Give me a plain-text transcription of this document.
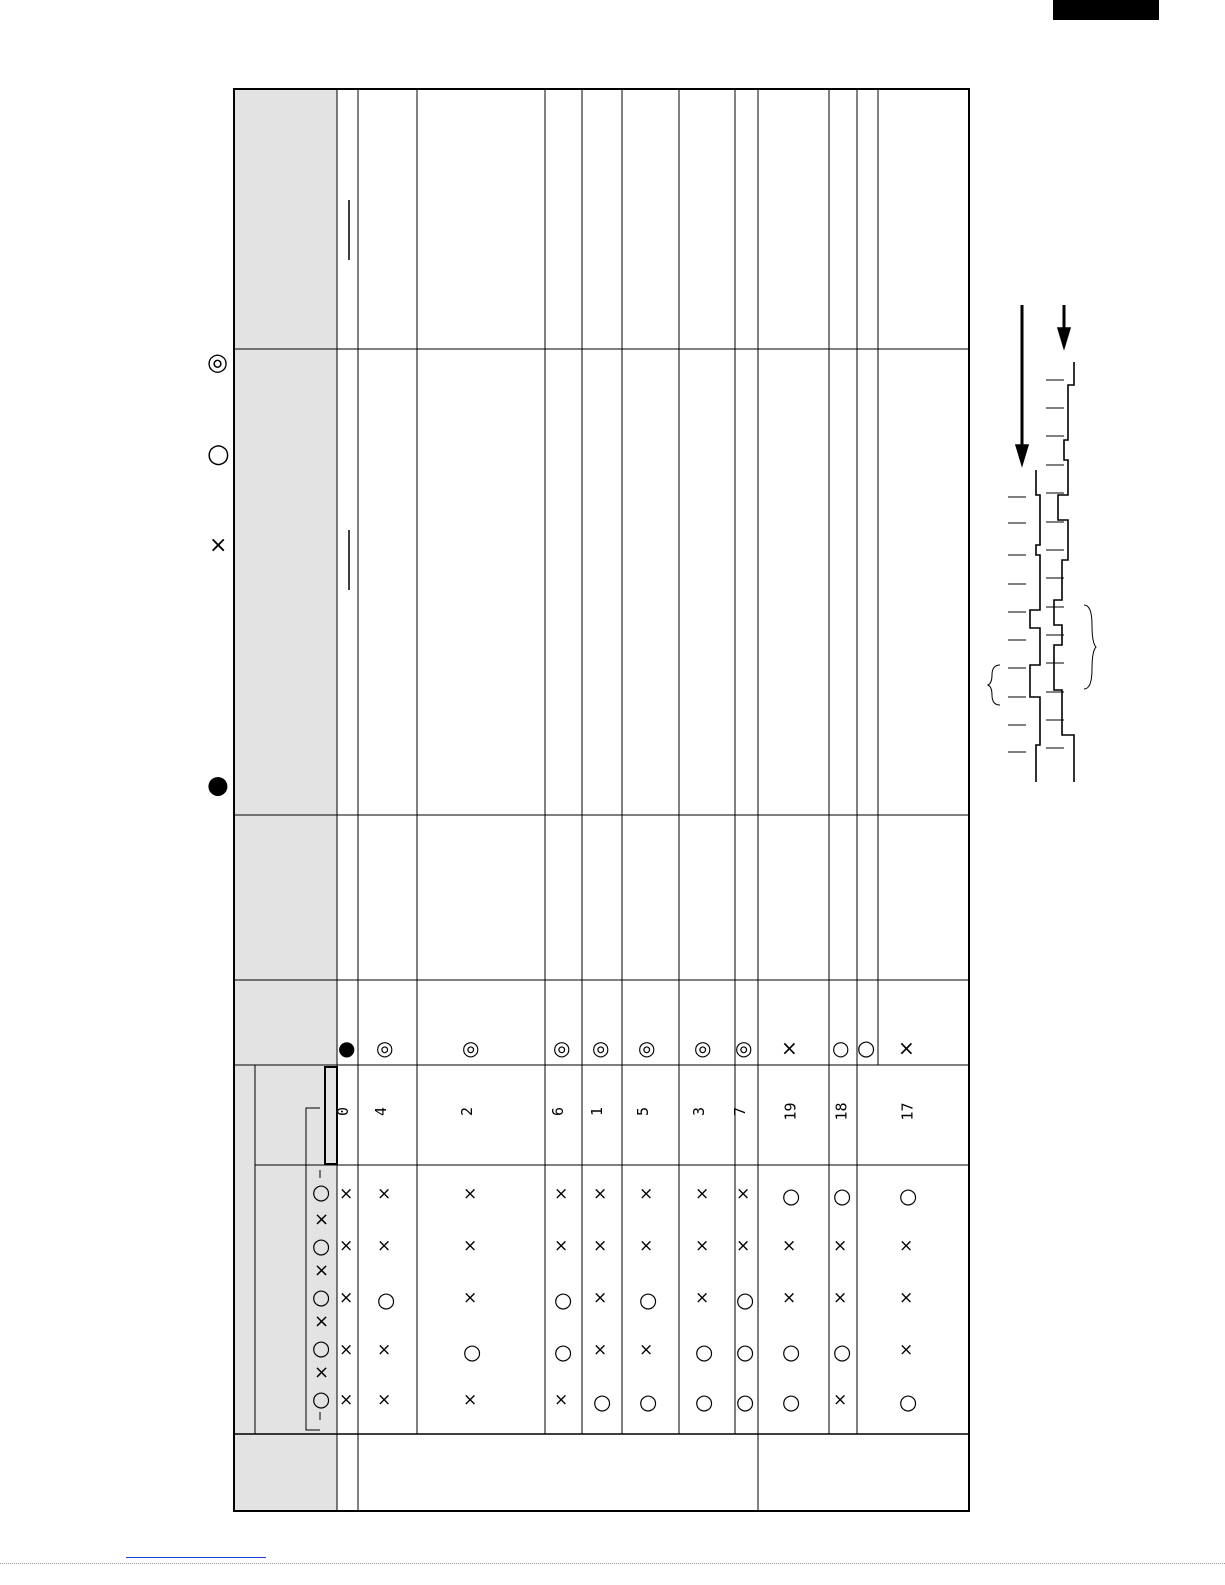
◎
○
×
●
○
×
○
×
○
×
○
×
○
●
0
×
×
×
×
×
◎
4
×
×
○
×
×
◎
2
×
○
×
×
×
◎
6
×
○
○
×
×
◎
1
○
×
×
×
×
◎
5
○
×
○
×
×
◎
3
○
○
×
×
×
◎
7
○
○
○
×
×
×
19
○
○
×
×
○
○
18
×
○
×
×
○
×
17
○
×
×
×
○
○
